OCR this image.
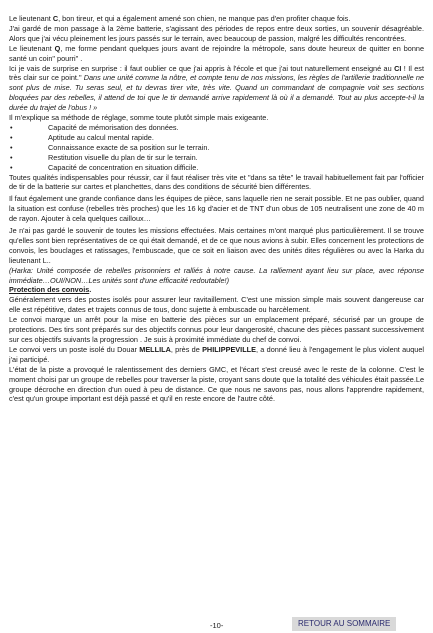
Le lieutenant C, bon tireur, et qui a également amené son chien, ne manque pas d'en profiter chaque fois.

J'ai gardé de mon passage à la 2ème batterie, s'agissant des périodes de repos entre deux sorties, un souvenir désagréable. Alors que j'ai vécu pleinement les jours passés sur le terrain, avec beaucoup de passion, malgré les difficultés rencontrées.

Le lieutenant Q, me forme pendant quelques jours avant de rejoindre la métropole, sans doute heureux de quitter en bonne santé un coin" pourri" .

Ici je vais de surprise en surprise : il faut oublier ce que j'ai appris à l'école et que j'ai tout naturellement enseigné au CI ! Il est très clair sur ce point." Dans une unité comme la nôtre, et compte tenu de nos missions, les règles de l'artillerie traditionnelle ne sont plus de mise. Tu seras seul, et tu devras tirer vite, très vite. Quand un commandant de compagnie voit ses sections bloquées par des rebelles, il attend de toi que le tir demandé arrive rapidement là où il a demandé. Tout au plus accepte-t-il la durée du trajet de l'obus ! »

Il m'explique sa méthode de réglage, somme toute plutôt simple mais exigeante.

• Capacité de mémorisation des données.
• Aptitude au calcul mental rapide.
• Connaissance exacte de sa position sur le terrain.
• Restitution visuelle du plan de tir sur le terrain.
• Capacité de concentration en situation difficile.

Toutes qualités indispensables pour réussir, car il faut réaliser très vite et "dans sa tête" le travail habituellement fait par l'officier de tir de la batterie sur cartes et planchettes, dans des conditions de sécurité bien différentes.

Il faut également une grande confiance dans les équipes de pièce, sans laquelle rien ne serait possible. Et ne pas oublier, quand la situation est confuse (rebelles très proches) que les 16 kg d'acier et de TNT d'un obus de 105 neutralisent une zone de 40 m de rayon. Ajouter à cela quelques cailloux…

Je n'ai pas gardé le souvenir de toutes les missions effectuées. Mais certaines m'ont marqué plus particulièrement. Il se trouve qu'elles sont bien représentatives de ce qui était demandé, et de ce que nous avions à subir. Elles concernent les protections de convois, les bouclages et ratissages, l'embuscade, que ce soit en liaison avec des unités dites régulières ou avec la Harka du lieutenant L..

(Harka: Unité composée de rebelles prisonniers et ralliés à notre cause. La ralliement ayant lieu sur place, avec réponse immédiate…OUI/NON…Les unités sont d'une efficacité redoutable!)

Protection des convois.

Généralement vers des postes isolés pour assurer leur ravitaillement. C'est une mission simple mais souvent dangereuse car elle est répétitive, dates et trajets connus de tous, donc sujette à embuscade ou harcèlement.

Le convoi marque un arrêt pour la mise en batterie des pièces sur un emplacement préparé, sécurisé par un groupe de protections. Des tirs sont préparés sur des objectifs connus pour leur dangerosité, chacune des pièces passant successivement sur ces objectifs suivants la progression . Je suis à proximité immédiate du chef de convoi.

Le convoi vers un poste isolé du Douar MELLILA, près de PHILIPPEVILLE, a donné lieu à l'engagement le plus violent auquel j'ai participé.

L'état de la piste a provoqué le ralentissement des derniers GMC, et l'écart s'est creusé avec le reste de la colonne. C'est le moment choisi par un groupe de rebelles pour traverser la piste, croyant sans doute que la totalité des véhicules était passée.Le groupe décroche en direction d'un oued à peu de distance. Ce que nous ne savons pas, nous allons l'apprendre rapidement, c'est qu'un groupe important est déjà passé et qu'il en reste encore de l'autre côté.

-10-	RETOUR AU SOMMAIRE
